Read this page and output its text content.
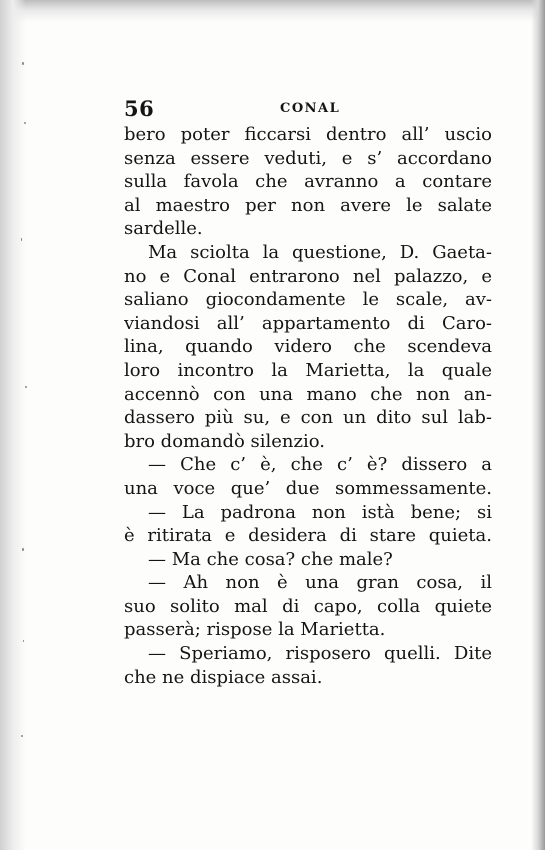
56	CONAL
bero poter ficcarsi dentro all’ uscio
senza essere veduti, e s’ accordano
sulla favola che avranno a contare
al maestro per non avere le salate
sardelle.
Ma sciolta la questione, D. Gaeta-
no e Conal entrarono nel palazzo, e
saliano giocondamente le scale, av-
viandosi all’ appartamento di Caro-
lina, quando videro che scendeva
loro incontro la Marietta, la quale
accennò con una mano che non an-
dassero più su, e con un dito sul lab-
bro domandò silenzio.
— Che c’ è, che c’ è? dissero a
una voce que’ due sommessamente.
— La padrona non istà bene; si
è ritirata e desidera di stare quieta.
— Ma che cosa? che male?
— Ah non è una gran cosa, il
suo solito mal di capo, colla quiete
passerà; rispose la Marietta.
— Speriamo, risposero quelli. Dite
che ne dispiace assai.
